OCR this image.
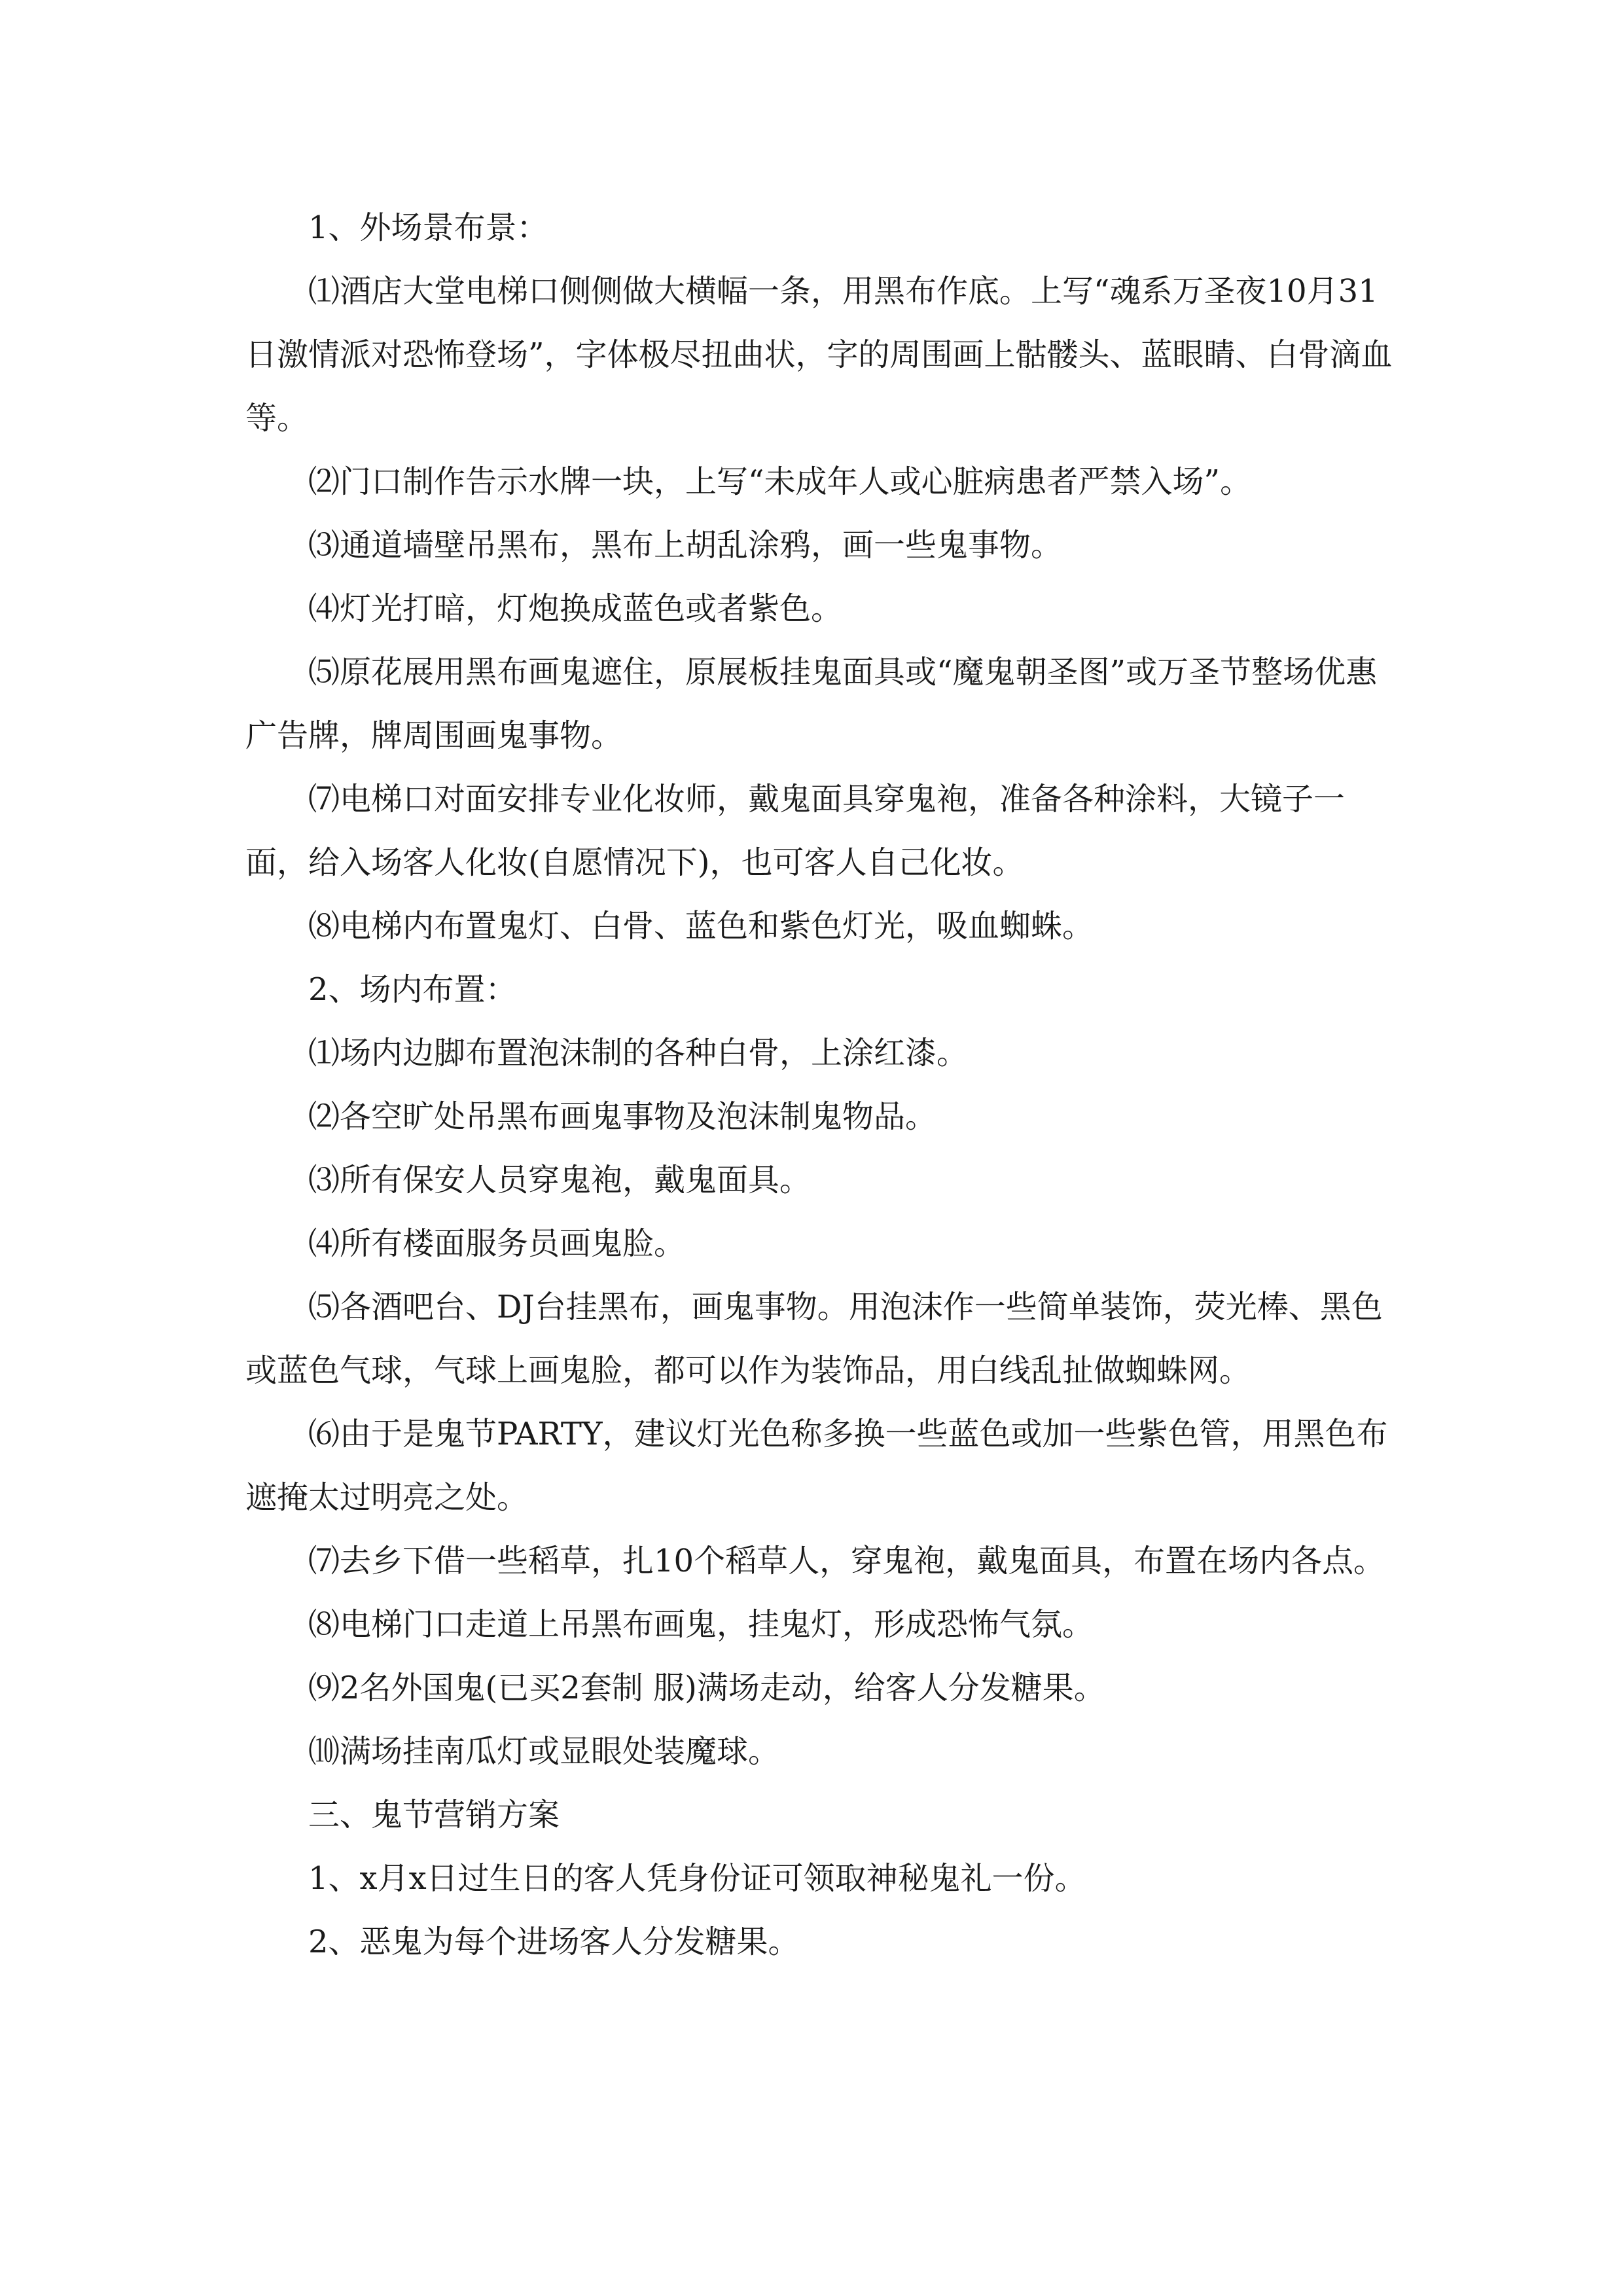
1、外场景布景：

⑴酒店大堂电梯口侧侧做大横幅一条，用黑布作底。上写“魂系万圣夜10月31日激情派对恐怖登场”，字体极尽扭曲状，字的周围画上骷髅头、蓝眼睛、白骨滴血等。

⑵门口制作告示水牌一块，上写“未成年人或心脏病患者严禁入场”。

⑶通道墙壁吊黑布，黑布上胡乱涂鸦，画一些鬼事物。

⑷灯光打暗，灯炮换成蓝色或者紫色。

⑸原花展用黑布画鬼遮住，原展板挂鬼面具或“魔鬼朝圣图”或万圣节整场优惠广告牌，牌周围画鬼事物。

⑺电梯口对面安排专业化妆师，戴鬼面具穿鬼袍，准备各种涂料，大镜子一面，给入场客人化妆(自愿情况下)，也可客人自己化妆。

⑻电梯内布置鬼灯、白骨、蓝色和紫色灯光，吸血蜘蛛。

2、场内布置：

⑴场内边脚布置泡沫制的各种白骨，上涂红漆。

⑵各空旷处吊黑布画鬼事物及泡沫制鬼物品。

⑶所有保安人员穿鬼袍，戴鬼面具。

⑷所有楼面服务员画鬼脸。

⑸各酒吧台、DJ台挂黑布，画鬼事物。用泡沫作一些简单装饰，荧光棒、黑色或蓝色气球，气球上画鬼脸，都可以作为装饰品，用白线乱扯做蜘蛛网。

⑹由于是鬼节PARTY，建议灯光色称多换一些蓝色或加一些紫色管，用黑色布遮掩太过明亮之处。

⑺去乡下借一些稻草，扎10个稻草人，穿鬼袍，戴鬼面具，布置在场内各点。

⑻电梯门口走道上吊黑布画鬼，挂鬼灯，形成恐怖气氛。

⑼2名外国鬼(已买2套制 服)满场走动，给客人分发糖果。

⑽满场挂南瓜灯或显眼处装魔球。

三、鬼节营销方案

1、x月x日过生日的客人凭身份证可领取神秘鬼礼一份。

2、恶鬼为每个进场客人分发糖果。
